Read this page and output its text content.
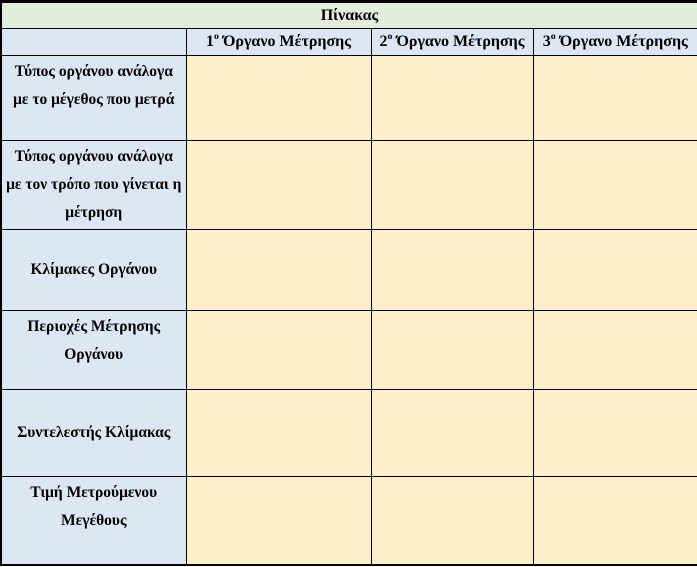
Πίνακας			
	$1^o$ Όργανο Μέτρησης	$2^o$ Όργανο Μέτρησης	$3^o$ Όργανο Μέτρησης
Τύπος οργάνου ανάλογα με το μέγεθος που μετρά			
Τύπος οργάνου ανάλογα με τον τρόπο που γίνεται η μέτρηση			
Κλίμακες Οργάνου			
Περιοχές Μέτρησης Οργάνου			
Συντελεστής Κλίμακας			
Τιμή Μετρούμενου Μεγέθους			
